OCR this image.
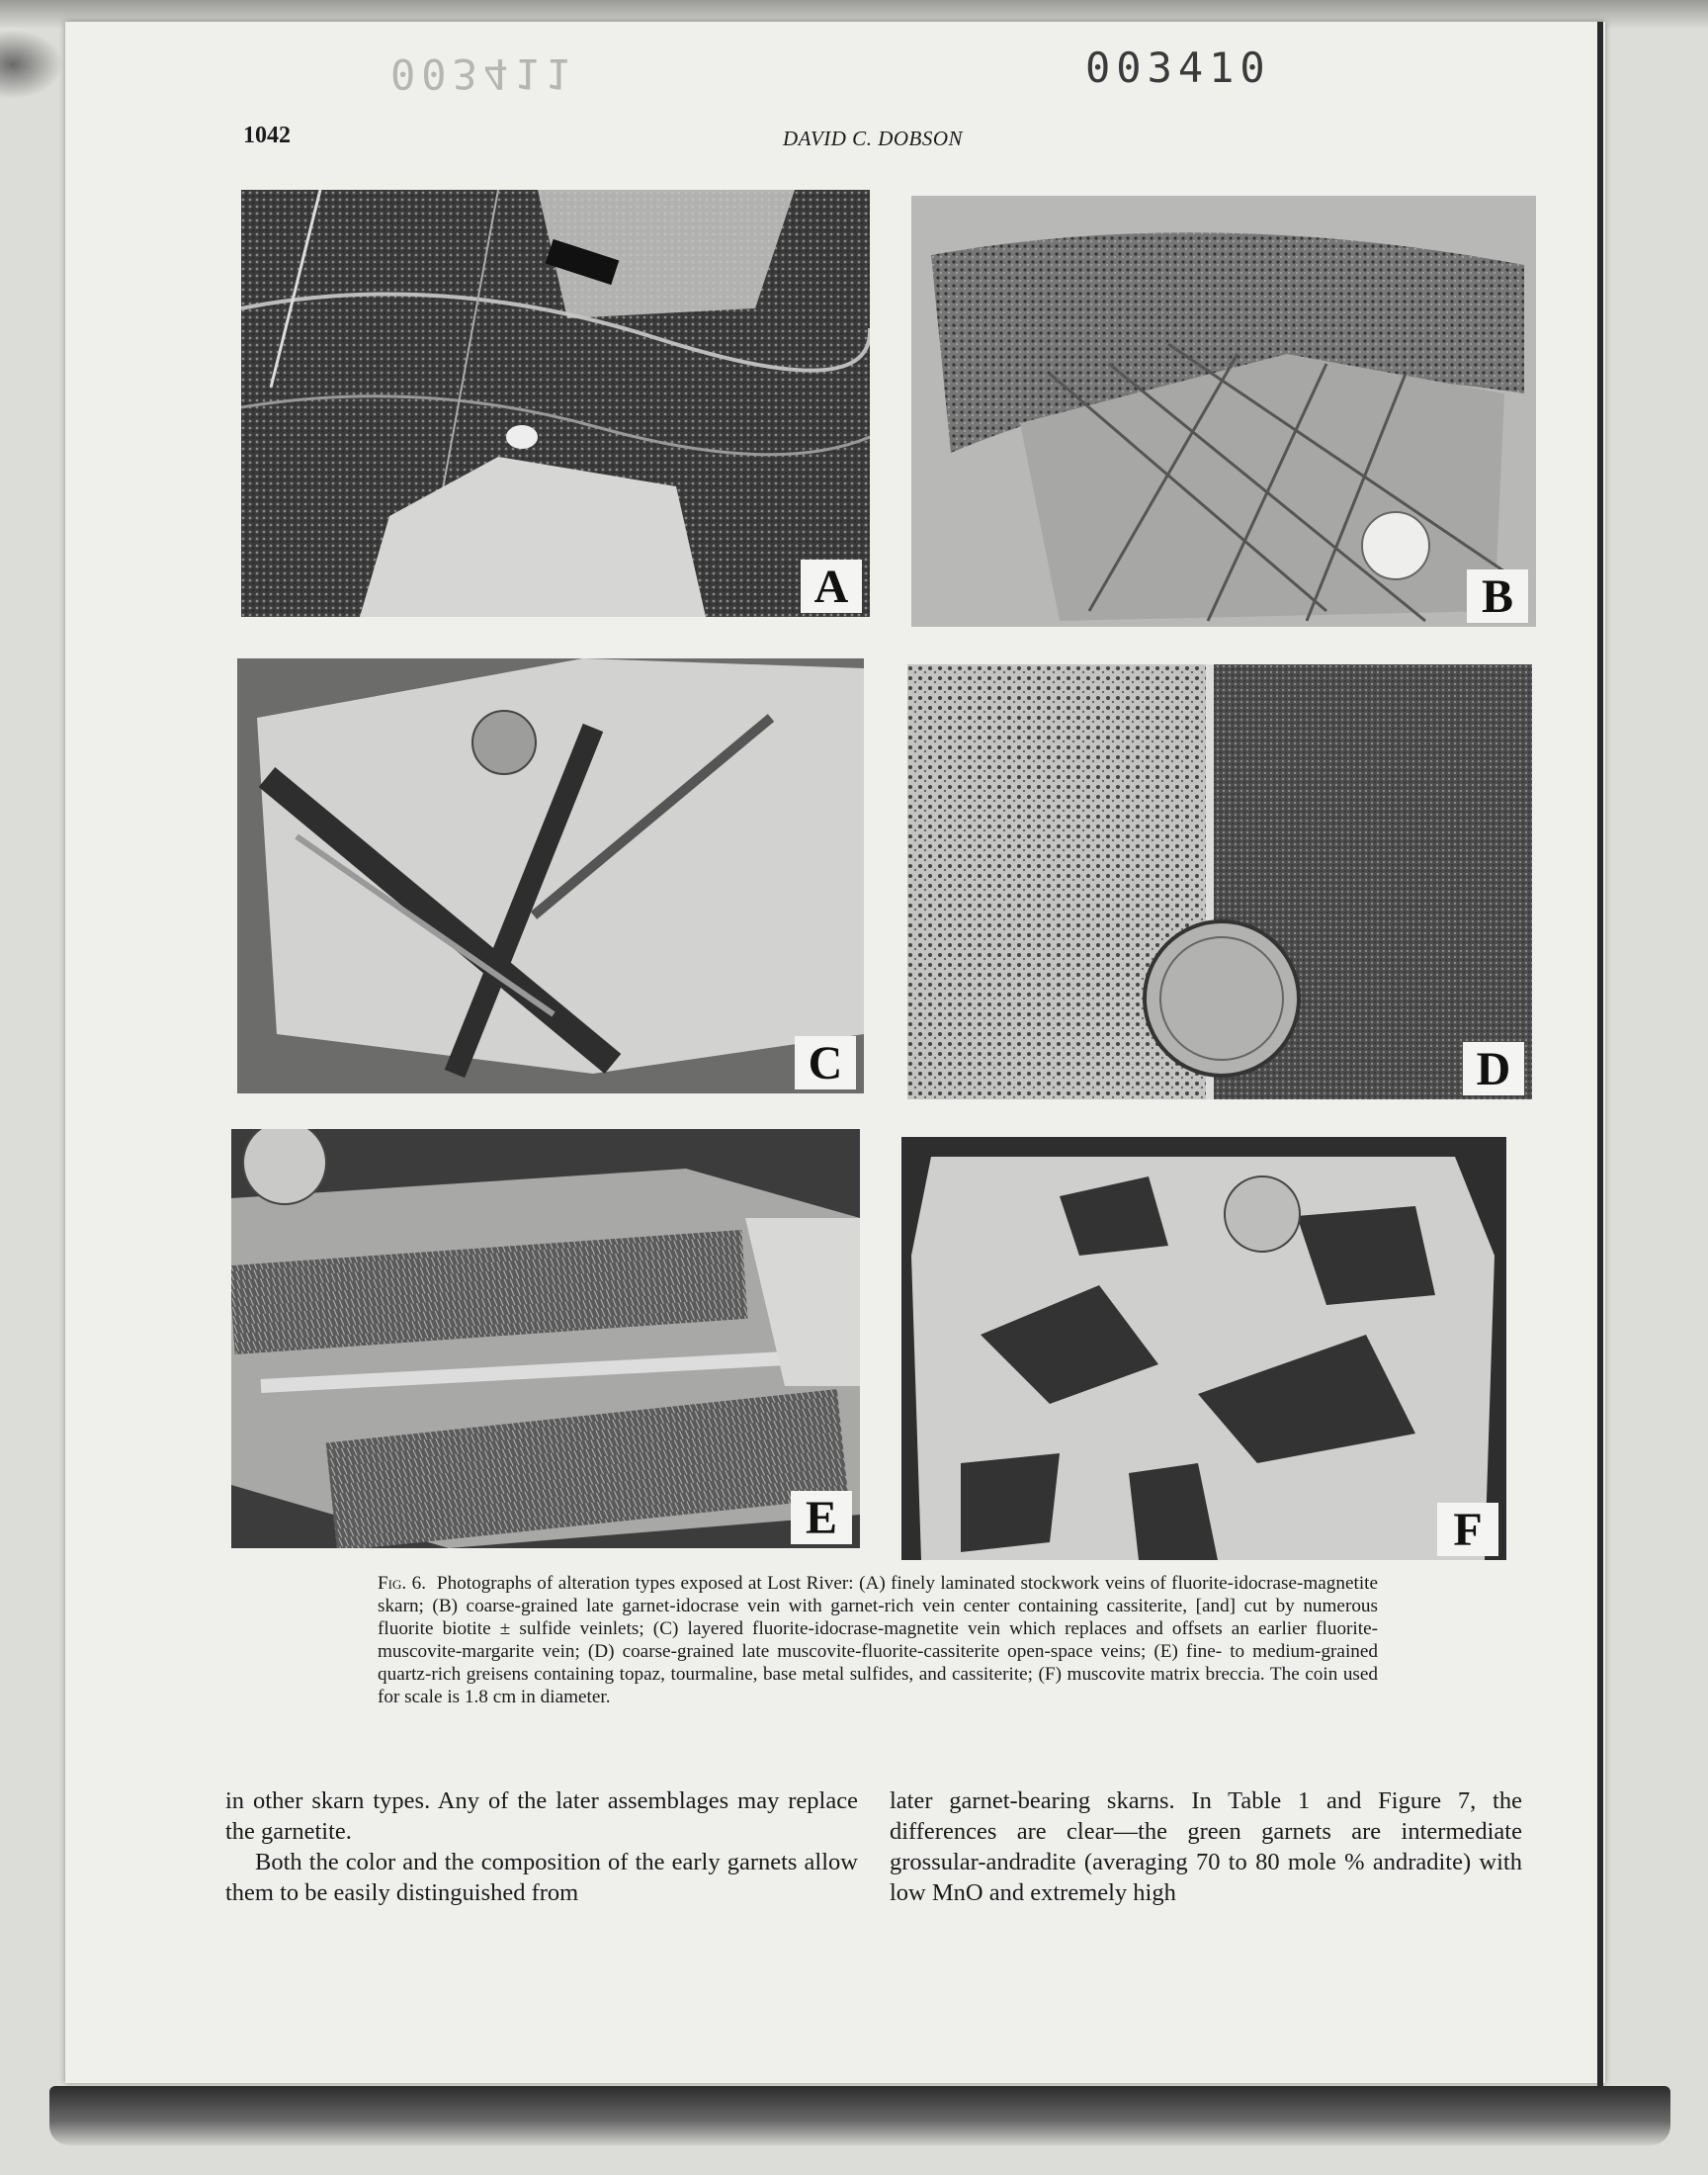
003411	003410
1042	DAVID C. DOBSON
A	B
C	D
E	F
Fig. 6. Photographs of alteration types exposed at Lost River: (A) finely laminated stockwork veins of fluorite-idocrase-magnetite skarn; (B) coarse-grained late garnet-idocrase vein with garnet-rich vein center containing cassiterite, [and] cut by numerous fluorite biotite ± sulfide veinlets; (C) layered fluorite-idocrase-magnetite vein which replaces and offsets an earlier fluorite-muscovite-margarite vein; (D) coarse-grained late muscovite-fluorite-cassiterite open-space veins; (E) fine- to medium-grained quartz-rich greisens containing topaz, tourmaline, base metal sulfides, and cassiterite; (F) muscovite matrix breccia. The coin used for scale is 1.8 cm in diameter.

in other skarn types. Any of the later assemblages may replace the garnetite.

Both the color and the composition of the early garnets allow them to be easily distinguished from

later garnet-bearing skarns. In Table 1 and Figure 7, the differences are clear—the green garnets are intermediate grossular-andradite (averaging 70 to 80 mole % andradite) with low MnO and extremely high
